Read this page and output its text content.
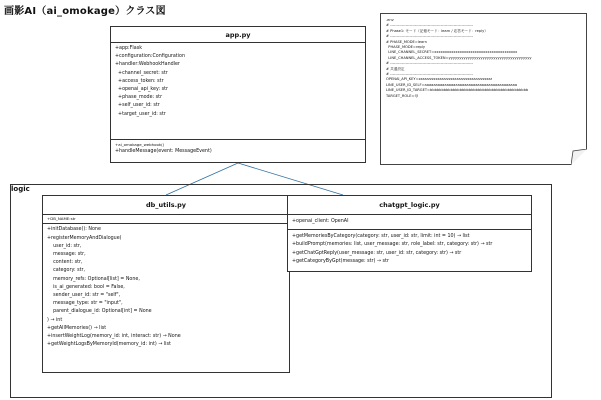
画影AI（ai_omokage）クラス図
app.py
+app:Flask
+configuration:Configuration
+handler:WebhookHandler
+channel_secret: str
+access_token: str
+openai_api_key: str
+phase_mode: str
+self_user_id: str
+target_user_id: str
+ai_omokage_webhook()
+handleMessage(event: MessageEvent)
.env
# ----------------------------------------------------------------
# Phase1: モード（記憶モード：learn / 応答モード：reply）
# ----------------------------------------------------------------
# PHASE_MODE=learn
PHASE_MODE=reply
LINE_CHANNEL_SECRET=xxxxxxxxxxxxxxxxxxxxxxxxxxxxxxxxxxxxxxx
LINE_CHANNEL_ACCESS_TOKEN=yyyyyyyyyyyyyyyyyyyyyyyyyyyyyyyyyyyyyyy
# ----------------------------------------------------------------
# 共通設定
# ----------------------------------------------------------------
OPENAI_API_KEY=zzzzzzzzzzzzzzzzzzzzzzzzzzzzzzzzzzzzzzz
LINE_USER_ID_SELF=aaaaaaaaaaaaaaaaaaaaaaaaaaaaaaaaaaaaaaaaaa
LINE_USER_ID_TARGET=bbbbbbbbbbbbbbbbbbbbbbbbbbbbbbbbbbbbbbbbbbb
TARGET_ROLE=母
logic
db_utils.py
+DB_NAME:str
+initDatabase(): None
+registerMemoryAndDialogue(
user_id: str,
message: str,
content: str,
category: str,
memory_refs: Optional[list] = None,
is_ai_generated: bool = False,
sender_user_id: str = "self",
message_type: str = "input",
parent_dialogue_id: Optional[int] = None
) → int
+getAllMemories() → list
+insertWeightLog(memory_id: int, interact: str) → None
+getWeightLogsByMemoryId(memory_id: int) → list
chatgpt_logic.py
+openai_client: OpenAI
+getMemoriesByCategory(category: str, user_id: str, limit: int = 10) → list
+buildPrompt(memories: list, user_message: str, role_label: str, category: str) → str
+getChatGptReply(user_message: str, user_id: str, category: str) → str
+getCategoryByGpt(message: str) → str
